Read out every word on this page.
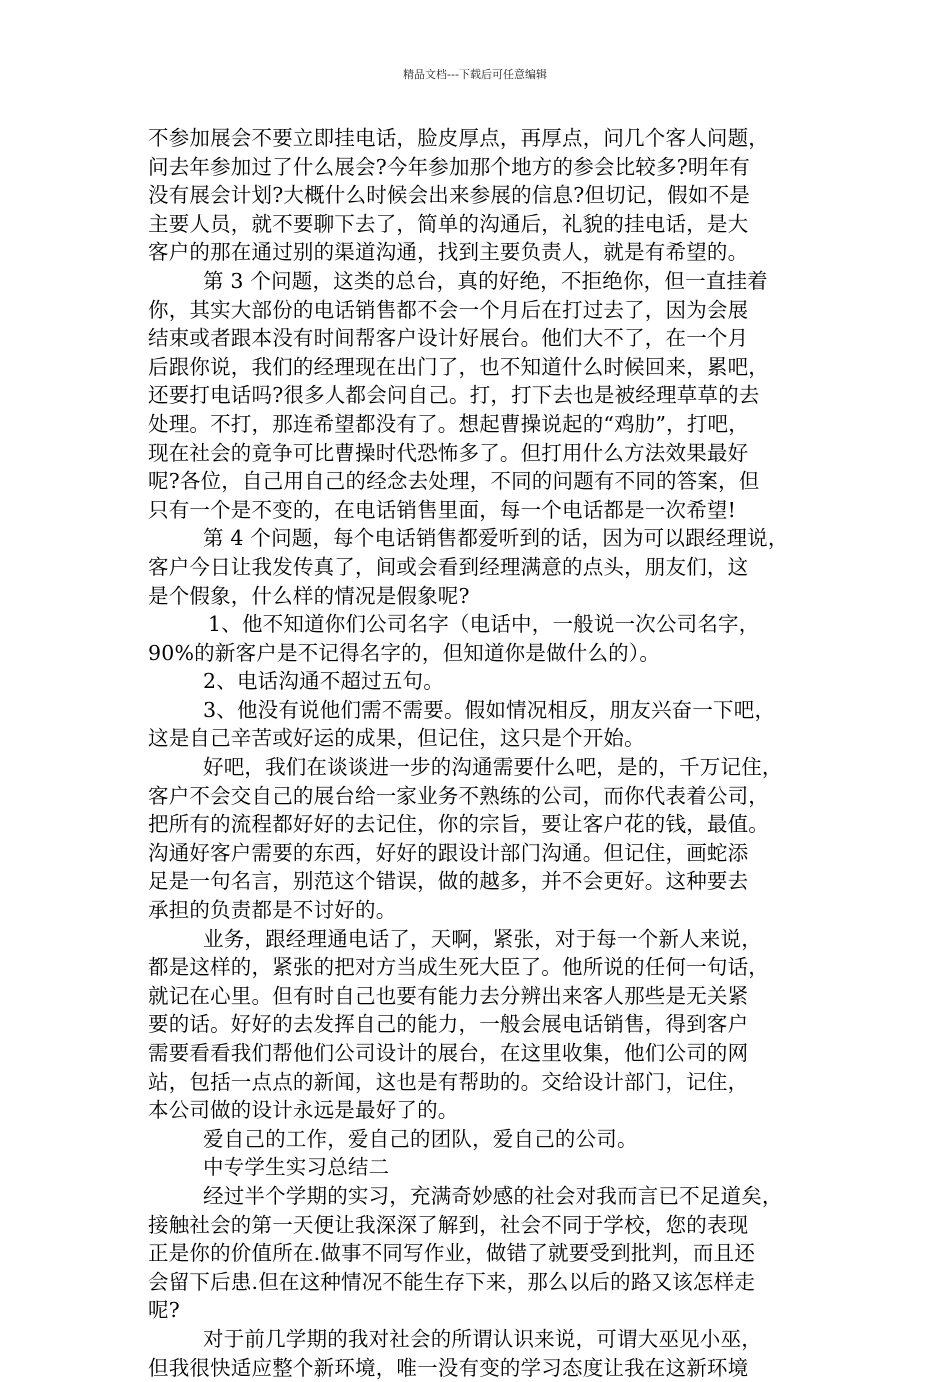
精品文档---下载后可任意编辑
不参加展会不要立即挂电话，脸皮厚点，再厚点，问几个客人问题，
问去年参加过了什么展会?今年参加那个地方的参会比较多?明年有
没有展会计划?大概什么时候会出来参展的信息?但切记，假如不是
主要人员，就不要聊下去了，简单的沟通后，礼貌的挂电话，是大
客户的那在通过别的渠道沟通，找到主要负责人，就是有希望的。
第 3 个问题，这类的总台，真的好绝，不拒绝你，但一直挂着
你，其实大部份的电话销售都不会一个月后在打过去了，因为会展
结束或者跟本没有时间帮客户设计好展台。他们大不了，在一个月
后跟你说，我们的经理现在出门了，也不知道什么时候回来，累吧，
还要打电话吗?很多人都会问自己。打，打下去也是被经理草草的去
处理。不打，那连希望都没有了。想起曹操说起的“鸡肋”，打吧，
现在社会的竟争可比曹操时代恐怖多了。但打用什么方法效果最好
呢?各位，自己用自己的经念去处理，不同的问题有不同的答案，但
只有一个是不变的，在电话销售里面，每一个电话都是一次希望!
第 4 个问题，每个电话销售都爱听到的话，因为可以跟经理说，
客户今日让我发传真了，间或会看到经理满意的点头，朋友们，这
是个假象，什么样的情况是假象呢?
1、他不知道你们公司名字（电话中，一般说一次公司名字，
90%的新客户是不记得名字的，但知道你是做什么的）。
2、电话沟通不超过五句。
3、他没有说他们需不需要。假如情况相反，朋友兴奋一下吧，
这是自己辛苦或好运的成果，但记住，这只是个开始。
好吧，我们在谈谈进一步的沟通需要什么吧，是的，千万记住，
客户不会交自己的展台给一家业务不熟练的公司，而你代表着公司，
把所有的流程都好好的去记住，你的宗旨，要让客户花的钱，最值。
沟通好客户需要的东西，好好的跟设计部门沟通。但记住，画蛇添
足是一句名言，别范这个错误，做的越多，并不会更好。这种要去
承担的负责都是不讨好的。
业务，跟经理通电话了，天啊，紧张，对于每一个新人来说，
都是这样的，紧张的把对方当成生死大臣了。他所说的任何一句话，
就记在心里。但有时自己也要有能力去分辨出来客人那些是无关紧
要的话。好好的去发挥自己的能力，一般会展电话销售，得到客户
需要看看我们帮他们公司设计的展台，在这里收集，他们公司的网
站，包括一点点的新闻，这也是有帮助的。交给设计部门，记住，
本公司做的设计永远是最好了的。
爱自己的工作，爱自己的团队，爱自己的公司。
中专学生实习总结二
经过半个学期的实习，充满奇妙感的社会对我而言已不足道矣，
接触社会的第一天便让我深深了解到，社会不同于学校，您的表现
正是你的价值所在.做事不同写作业，做错了就要受到批判，而且还
会留下后患.但在这种情况不能生存下来，那么以后的路又该怎样走
呢?
对于前几学期的我对社会的所谓认识来说，可谓大巫见小巫，
但我很快适应整个新环境，唯一没有变的学习态度让我在这新环境
